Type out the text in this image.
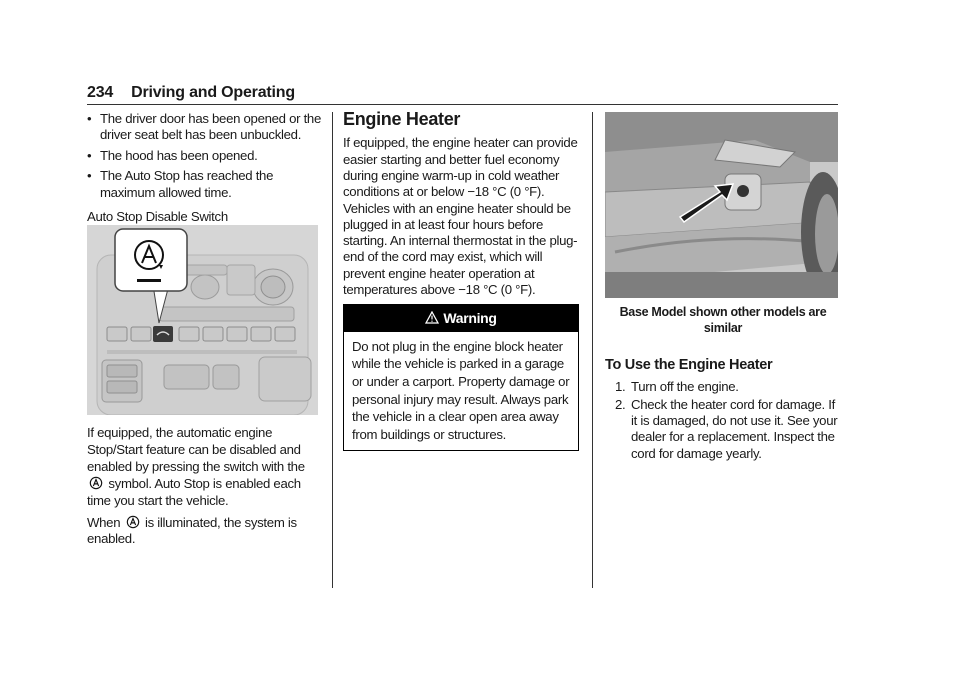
234 Driving and Operating
• The driver door has been opened or the driver seat belt has been unbuckled.
• The hood has been opened.
• The Auto Stop has reached the maximum allowed time.

Auto Stop Disable Switch

If equipped, the automatic engine Stop/Start feature can be disabled and enabled by pressing the switch with the  symbol. Auto Stop is enabled each time you start the vehicle.

When is illuminated, the system is enabled.

Engine Heater

If equipped, the engine heater can provide easier starting and better fuel economy during engine warm-up in cold weather conditions at or below −18 °C (0 °F). Vehicles with an engine heater should be plugged in at least four hours before starting. An internal thermostat in the plug-end of the cord may exist, which will prevent engine heater operation at temperatures above −18 °C (0 °F).

Warning
Do not plug in the engine block heater while the vehicle is parked in a garage or under a carport. Property damage or personal injury may result. Always park the vehicle in a clear open area away from buildings or structures.
Base Model shown other models are similar
To Use the Engine Heater
1. Turn off the engine.
2. Check the heater cord for damage. If it is damaged, do not use it. See your dealer for a replacement. Inspect the cord for damage yearly.
